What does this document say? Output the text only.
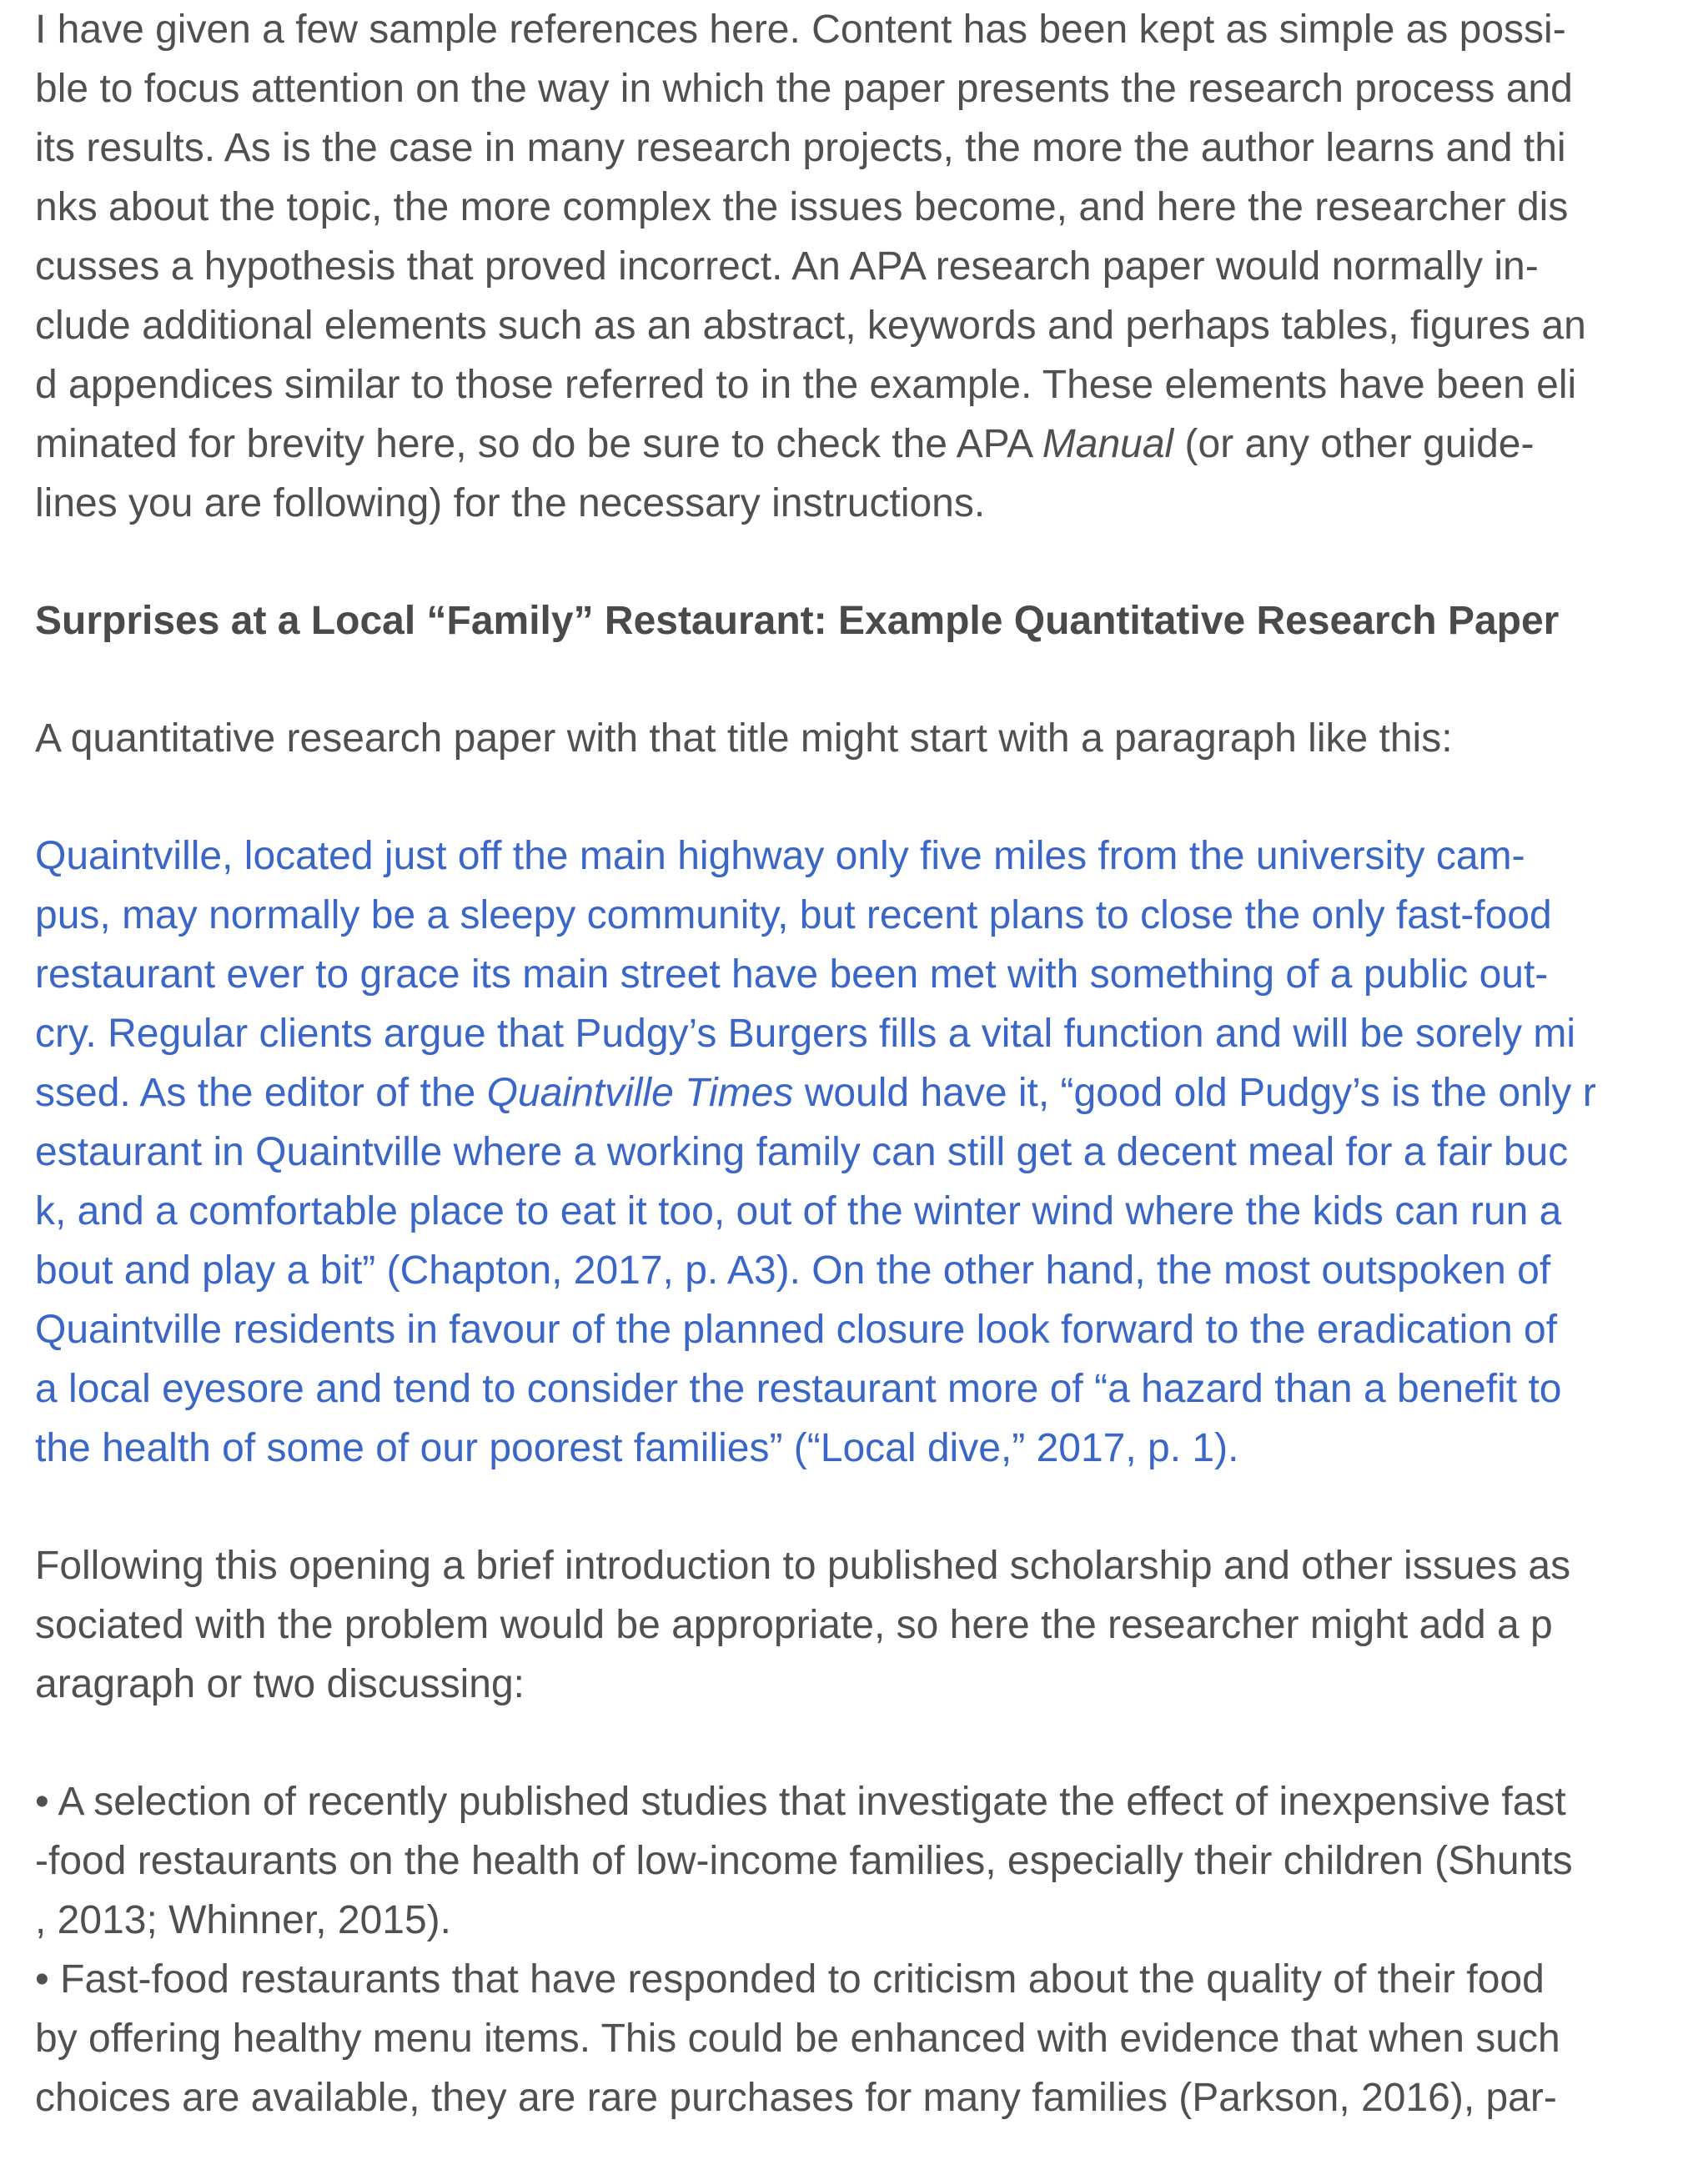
I have given a few sample references here. Content has been kept as simple as possi-
ble to focus attention on the way in which the paper presents the research process and
its results. As is the case in many research projects, the more the author learns and thi
nks about the topic, the more complex the issues become, and here the researcher dis
cusses a hypothesis that proved incorrect. An APA research paper would normally in-
clude additional elements such as an abstract, keywords and perhaps tables, figures an
d appendices similar to those referred to in the example. These elements have been eli
minated for brevity here, so do be sure to check the APA Manual (or any other guide-
lines you are following) for the necessary instructions.
Surprises at a Local “Family” Restaurant: Example Quantitative Research Paper
A quantitative research paper with that title might start with a paragraph like this:
Quaintville, located just off the main highway only five miles from the university cam-
pus, may normally be a sleepy community, but recent plans to close the only fast-food
restaurant ever to grace its main street have been met with something of a public out-
cry. Regular clients argue that Pudgy’s Burgers fills a vital function and will be sorely mi
ssed. As the editor of the Quaintville Times would have it, “good old Pudgy’s is the only r
estaurant in Quaintville where a working family can still get a decent meal for a fair buc
k, and a comfortable place to eat it too, out of the winter wind where the kids can run a
bout and play a bit” (Chapton, 2017, p. A3). On the other hand, the most outspoken of
Quaintville residents in favour of the planned closure look forward to the eradication of
a local eyesore and tend to consider the restaurant more of “a hazard than a benefit to
the health of some of our poorest families” (“Local dive,” 2017, p. 1).
Following this opening a brief introduction to published scholarship and other issues as
sociated with the problem would be appropriate, so here the researcher might add a p
aragraph or two discussing:
• A selection of recently published studies that investigate the effect of inexpensive fast
-food restaurants on the health of low-income families, especially their children (Shunts
, 2013; Whinner, 2015).
• Fast-food restaurants that have responded to criticism about the quality of their food
by offering healthy menu items. This could be enhanced with evidence that when such
choices are available, they are rare purchases for many families (Parkson, 2016), par-
